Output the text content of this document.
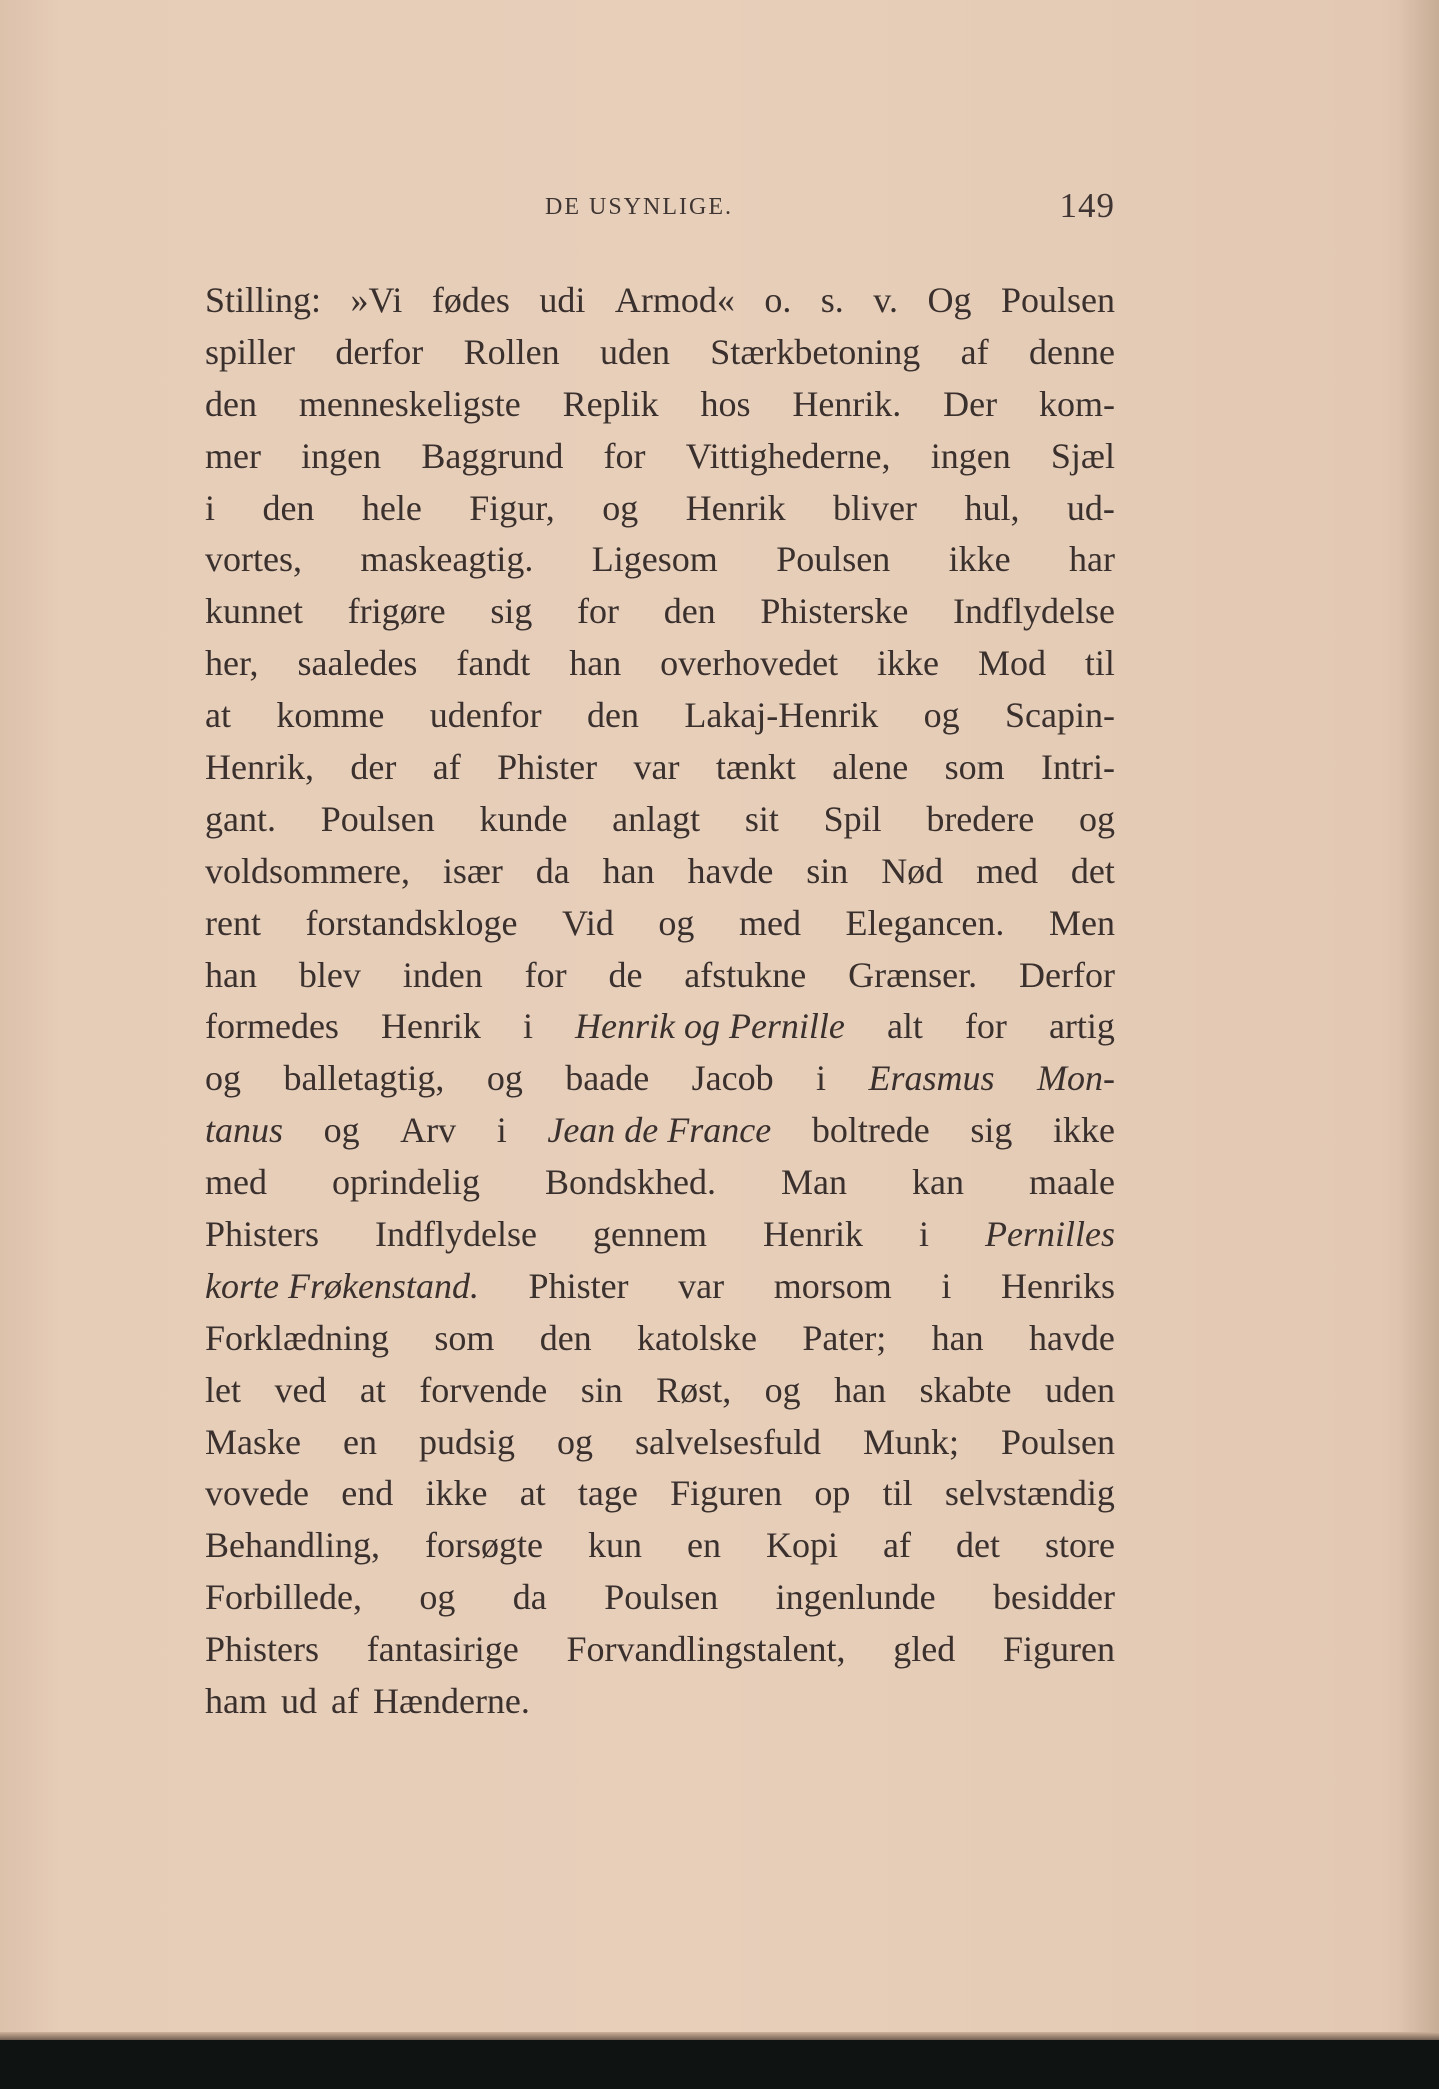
DE USYNLIGE.	149
Stilling: »Vi fødes udi Armod« o. s. v. Og Poulsen
spiller derfor Rollen uden Stærkbetoning af denne
den menneskeligste Replik hos Henrik. Der kom-
mer ingen Baggrund for Vittighederne, ingen Sjæl
i den hele Figur, og Henrik bliver hul, ud-
vortes, maskeagtig. Ligesom Poulsen ikke har
kunnet frigøre sig for den Phisterske Indflydelse
her, saaledes fandt han overhovedet ikke Mod til
at komme udenfor den Lakaj-Henrik og Scapin-
Henrik, der af Phister var tænkt alene som Intri-
gant. Poulsen kunde anlagt sit Spil bredere og
voldsommere, især da han havde sin Nød med det
rent forstandskloge Vid og med Elegancen. Men
han blev inden for de afstukne Grænser. Derfor
formedes Henrik i Henrik og Pernille alt for artig
og balletagtig, og baade Jacob i Erasmus Mon-
tanus og Arv i Jean de France boltrede sig ikke
med oprindelig Bondskhed. Man kan maale
Phisters Indflydelse gennem Henrik i Pernilles
korte Frøkenstand. Phister var morsom i Henriks
Forklædning som den katolske Pater; han havde
let ved at forvende sin Røst, og han skabte uden
Maske en pudsig og salvelsesfuld Munk; Poulsen
vovede end ikke at tage Figuren op til selvstændig
Behandling, forsøgte kun en Kopi af det store
Forbillede, og da Poulsen ingenlunde besidder
Phisters fantasirige Forvandlingstalent, gled Figuren
ham ud af Hænderne.
